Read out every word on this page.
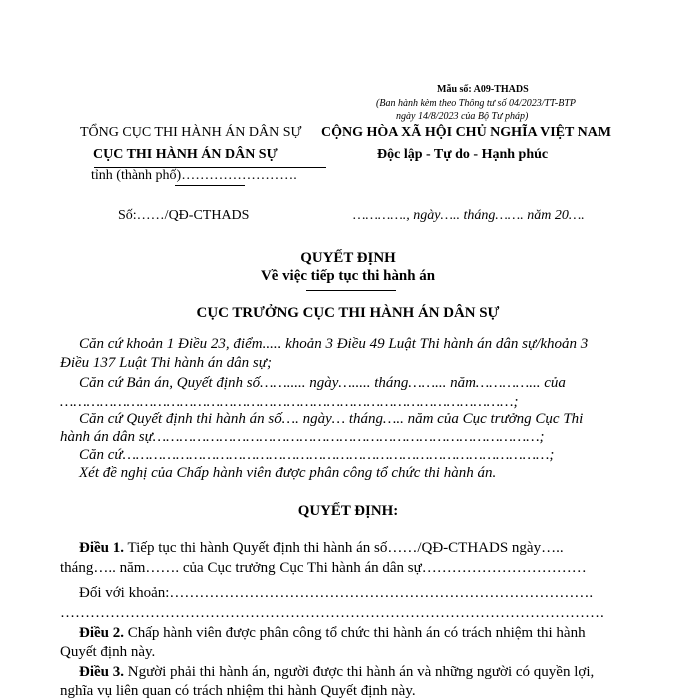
Mẫu số: A09-THADS
(Ban hành kèm theo Thông tư số 04/2023/TT-BTP
ngày 14/8/2023 của Bộ Tư pháp)
TỔNG CỤC THI HÀNH ÁN DÂN SỰ
CỤC THI HÀNH ÁN DÂN SỰ
tỉnh (thành phố)…………………….
Số:……/QĐ-CTHADS
CỘNG HÒA XÃ HỘI CHỦ NGHĨA VIỆT NAM
Độc lập - Tự do - Hạnh phúc
…………., ngày….. tháng……. năm 20….
QUYẾT ĐỊNH
Về việc tiếp tục thi hành án
CỤC TRƯỞNG CỤC THI HÀNH ÁN DÂN SỰ
Căn cứ khoản 1 Điều 23, điểm..... khoản 3 Điều 49 Luật Thi hành án dân sự/khoản 3
Điều 137 Luật Thi hành án dân sự;
Căn cứ Bản án, Quyết định số……..... ngày…..... tháng……... năm…………... của
…………………………………………………………………………………………;
Căn cứ Quyết định thi hành án số…. ngày… tháng….. năm của Cục trưởng Cục Thi
hành án dân sự……………………………………………………………………………;
Căn cứ……………………………………………………………………………………;
Xét đề nghị của Chấp hành viên được phân công tổ chức thi hành án.
QUYẾT ĐỊNH:
Điều 1. Tiếp tục thi hành Quyết định thi hành án số……/QĐ-CTHADS ngày…..
tháng….. năm……. của Cục trưởng Cục Thi hành án dân sự……………………………
Đối với khoản:………………………………………………………………………….
……………………………………………………………………………………………….
Điều 2. Chấp hành viên được phân công tổ chức thi hành án có trách nhiệm thi hành
Quyết định này.
Điều 3. Người phải thi hành án, người được thi hành án và những người có quyền lợi,
nghĩa vụ liên quan có trách nhiệm thi hành Quyết định này.
